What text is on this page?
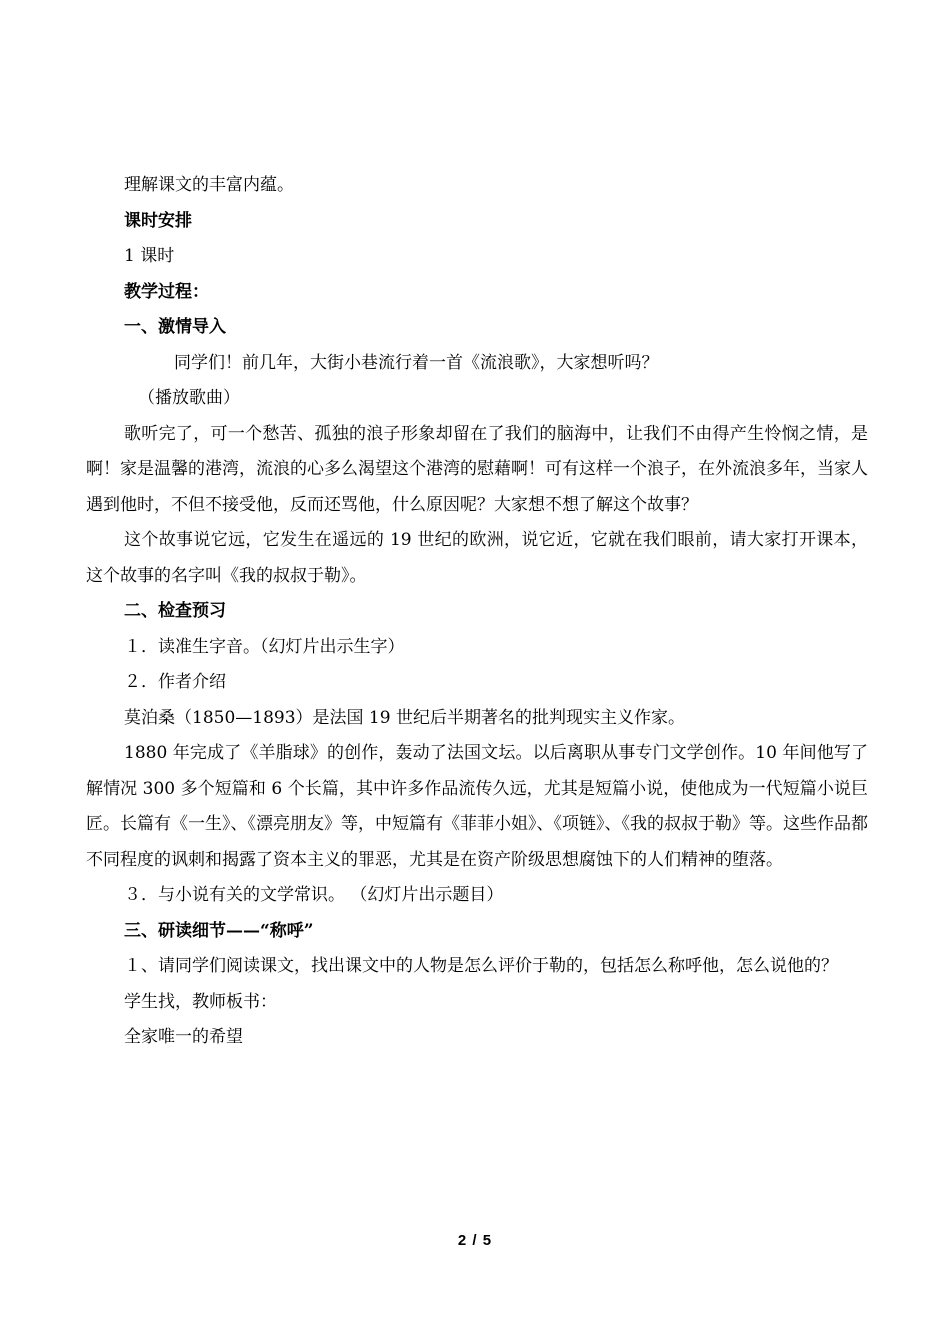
理解课文的丰富内蕴。
课时安排
1 课时
教学过程：
一、激情导入
同学们！前几年，大街小巷流行着一首《流浪歌》，大家想听吗？
（播放歌曲）
歌听完了，可一个愁苦、孤独的浪子形象却留在了我们的脑海中，让我们不由得产生怜悯之情，是啊！家是温馨的港湾，流浪的心多么渴望这个港湾的慰藉啊！可有这样一个浪子，在外流浪多年，当家人遇到他时，不但不接受他，反而还骂他，什么原因呢？大家想不想了解这个故事？
这个故事说它远，它发生在遥远的 19 世纪的欧洲，说它近，它就在我们眼前，请大家打开课本，这个故事的名字叫《我的叔叔于勒》。
二、检查预习
１．读准生字音。（幻灯片出示生字）
２．作者介绍
莫泊桑（1850—1893）是法国 19 世纪后半期著名的批判现实主义作家。
1880 年完成了《羊脂球》的创作，轰动了法国文坛。以后离职从事专门文学创作。10 年间他写了解情况 300 多个短篇和 6 个长篇，其中许多作品流传久远，尤其是短篇小说，使他成为一代短篇小说巨匠。长篇有《一生》、《漂亮朋友》等，中短篇有《菲菲小姐》、《项链》、《我的叔叔于勒》等。这些作品都不同程度的讽刺和揭露了资本主义的罪恶，尤其是在资产阶级思想腐蚀下的人们精神的堕落。
３．与小说有关的文学常识。 （幻灯片出示题目）
三、研读细节——“称呼”
１、请同学们阅读课文，找出课文中的人物是怎么评价于勒的，包括怎么称呼他，怎么说他的？
学生找，教师板书：
全家唯一的希望
2 / 5
